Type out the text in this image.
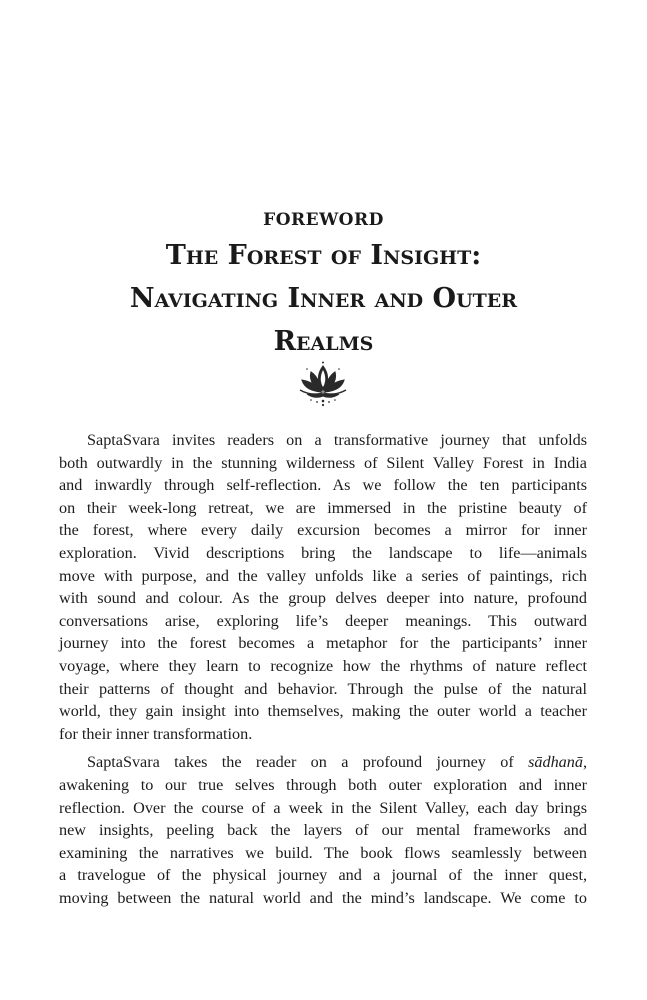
FOREWORD
The Forest of Insight:
Navigating Inner and Outer
Realms
SaptaSvara invites readers on a transformative journey that unfolds
both outwardly in the stunning wilderness of Silent Valley Forest in India
and inwardly through self-reflection. As we follow the ten participants
on their week-long retreat, we are immersed in the pristine beauty of
the forest, where every daily excursion becomes a mirror for inner
exploration. Vivid descriptions bring the landscape to life—animals
move with purpose, and the valley unfolds like a series of paintings, rich
with sound and colour. As the group delves deeper into nature, profound
conversations arise, exploring life’s deeper meanings. This outward
journey into the forest becomes a metaphor for the participants’ inner
voyage, where they learn to recognize how the rhythms of nature reflect
their patterns of thought and behavior. Through the pulse of the natural
world, they gain insight into themselves, making the outer world a teacher
for their inner transformation.
SaptaSvara takes the reader on a profound journey of sādhanā,
awakening to our true selves through both outer exploration and inner
reflection. Over the course of a week in the Silent Valley, each day brings
new insights, peeling back the layers of our mental frameworks and
examining the narratives we build. The book flows seamlessly between
a travelogue of the physical journey and a journal of the inner quest,
moving between the natural world and the mind’s landscape. We come to
